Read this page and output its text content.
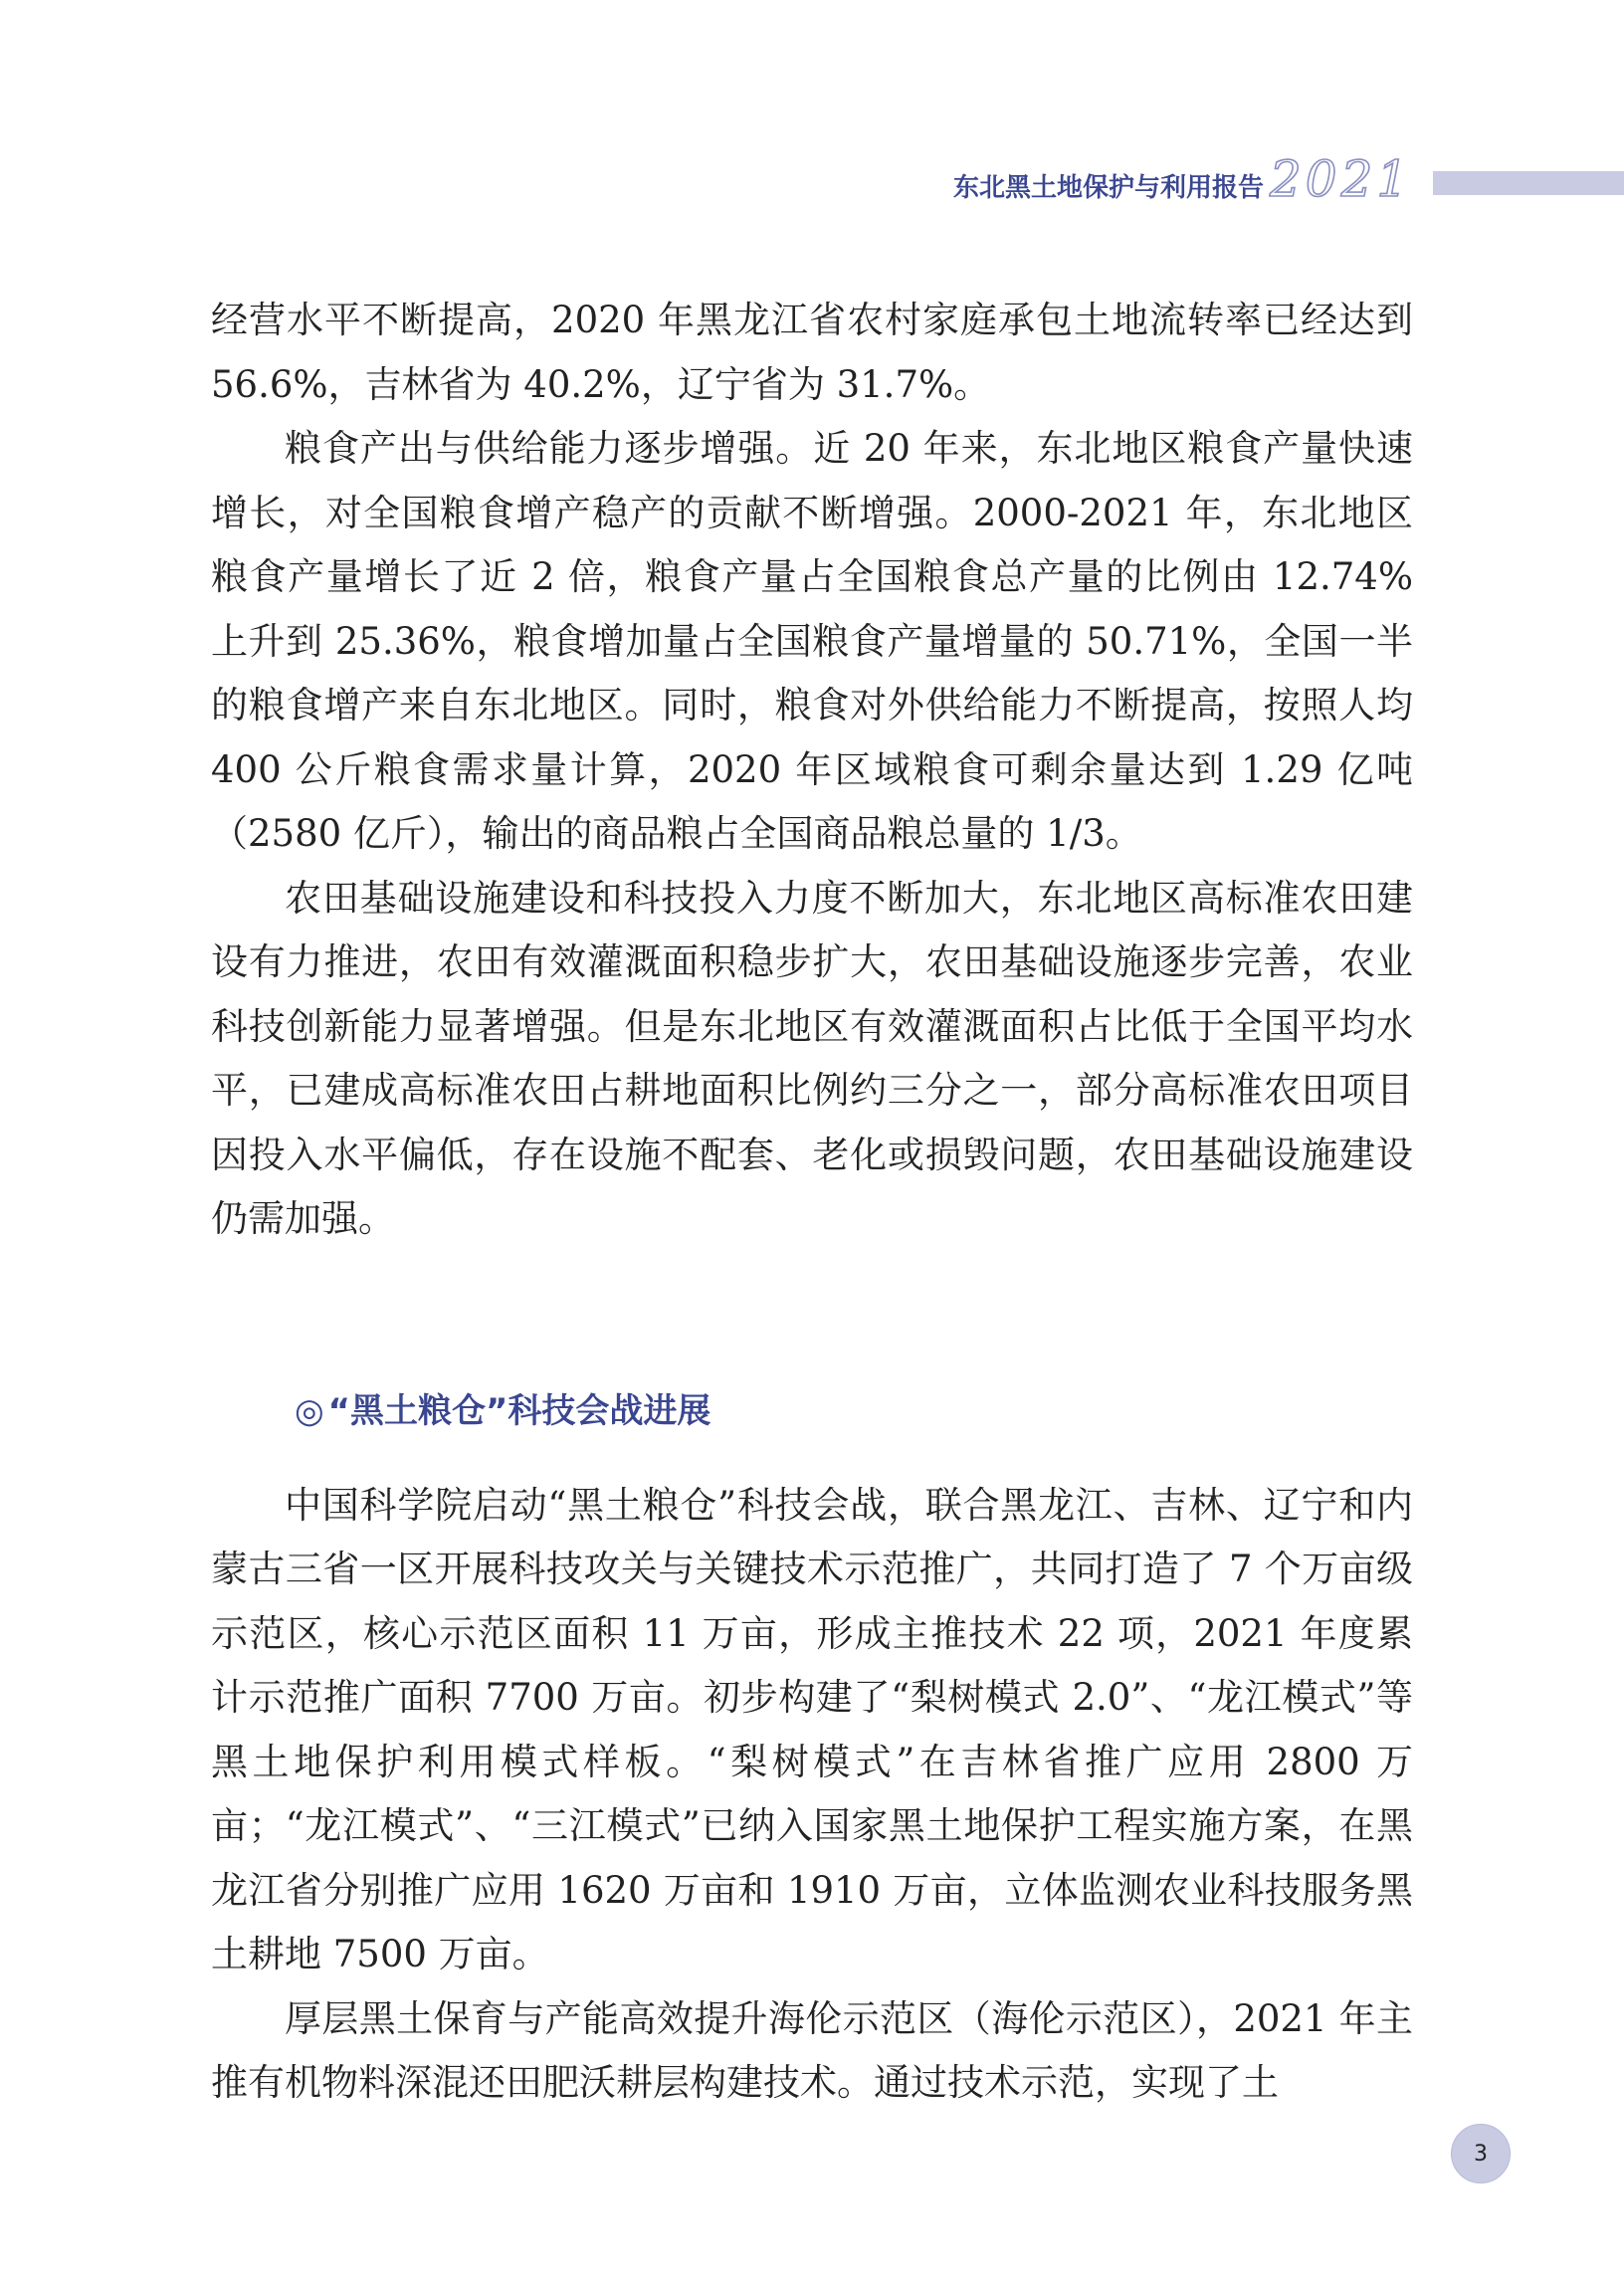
东北黑土地保护与利用报告 2021

经营水平不断提高，2020 年黑龙江省农村家庭承包土地流转率已经达到 56.6%，吉林省为 40.2%，辽宁省为 31.7%。

粮食产出与供给能力逐步增强。近 20 年来，东北地区粮食产量快速增长，对全国粮食增产稳产的贡献不断增强。2000-2021 年，东北地区粮食产量增长了近 2 倍，粮食产量占全国粮食总产量的比例由 12.74% 上升到 25.36%，粮食增加量占全国粮食产量增量的 50.71%，全国一半的粮食增产来自东北地区。同时，粮食对外供给能力不断提高，按照人均 400 公斤粮食需求量计算，2020 年区域粮食可剩余量达到 1.29 亿吨（2580 亿斤），输出的商品粮占全国商品粮总量的 1/3。

农田基础设施建设和科技投入力度不断加大，东北地区高标准农田建设有力推进，农田有效灌溉面积稳步扩大，农田基础设施逐步完善，农业科技创新能力显著增强。但是东北地区有效灌溉面积占比低于全国平均水平，已建成高标准农田占耕地面积比例约三分之一，部分高标准农田项目因投入水平偏低，存在设施不配套、老化或损毁问题，农田基础设施建设仍需加强。

◎ “黑土粮仓”科技会战进展

中国科学院启动“黑土粮仓”科技会战，联合黑龙江、吉林、辽宁和内蒙古三省一区开展科技攻关与关键技术示范推广，共同打造了 7 个万亩级示范区，核心示范区面积 11 万亩，形成主推技术 22 项，2021 年度累计示范推广面积 7700 万亩。初步构建了“梨树模式 2.0”、“龙江模式”等黑土地保护利用模式样板。“梨树模式”在吉林省推广应用 2800 万亩；“龙江模式”、“三江模式”已纳入国家黑土地保护工程实施方案，在黑龙江省分别推广应用 1620 万亩和 1910 万亩，立体监测农业科技服务黑土耕地 7500 万亩。

厚层黑土保育与产能高效提升海伦示范区（海伦示范区），2021 年主推有机物料深混还田肥沃耕层构建技术。通过技术示范，实现了土

3
